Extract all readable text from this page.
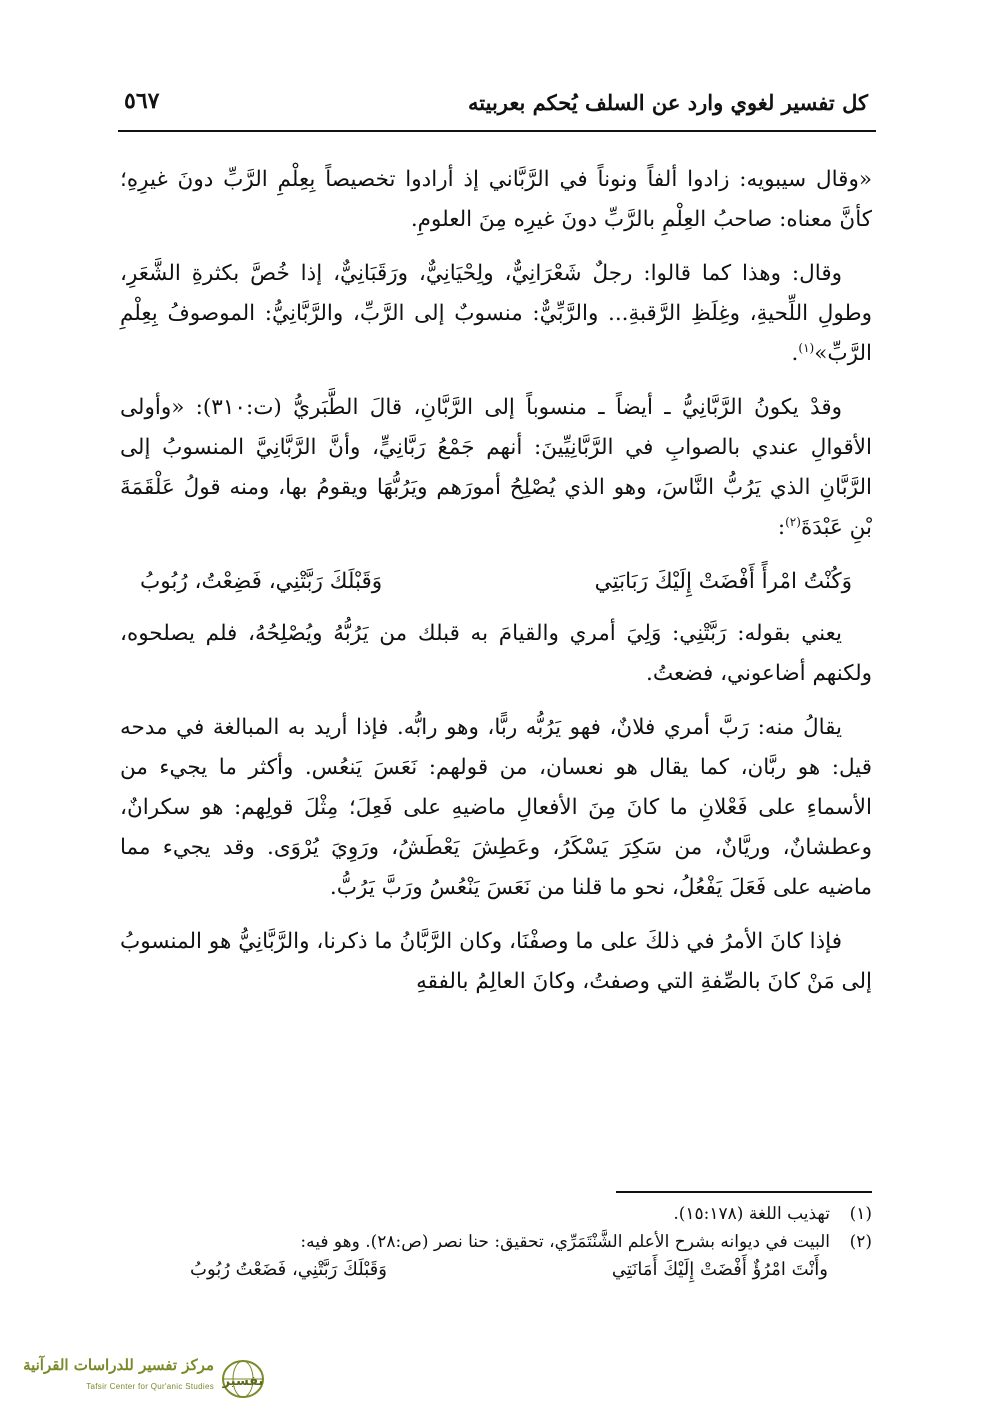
كل تفسير لغوي وارد عن السلف يُحكم بعربيته
٥٦٧

«وقال سيبويه: زادوا ألفاً ونوناً في الرَّبَّاني إذ أرادوا تخصيصاً بِعِلْمِ الرَّبِّ دونَ غيرِهِ؛ كأنَّ معناه: صاحبُ العِلْمِ بالرَّبِّ دونَ غيرِه مِنَ العلومِ.

وقال: وهذا كما قالوا: رجلٌ شَعْرَانِيٌّ، ولِحْيَانِيٌّ، ورَقَبَانِيٌّ، إذا خُصَّ بكثرةِ الشَّعَرِ، وطولِ اللِّحيةِ، وغِلَظِ الرَّقبةِ... والرَّبِّيٌّ: منسوبٌ إلى الرَّبِّ، والرَّبَّانِيُّ: الموصوفُ بِعِلْمِ الرَّبِّ»$^{(١)}$.

وقدْ يكونُ الرَّبَّانِيُّ ـ أيضاً ـ منسوباً إلى الرَّبَّانِ، قالَ الطَّبَريُّ (ت:٣١٠): «وأولى الأقوالِ عندي بالصوابِ في الرَّبَّانِيِّينَ: أنهم جَمْعُ رَبَّانِيٍّ، وأنَّ الرَّبَّانِيَّ المنسوبُ إلى الرَّبَّانِ الذي يَرُبُّ النَّاسَ، وهو الذي يُصْلِحُ أمورَهم ويَرُبُّهَا ويقومُ بها، ومنه قولُ عَلْقَمَةَ بْنِ عَبْدَةَ$^{(٢)}$:

وَكُنْتُ امْرأً أَفْضَتْ إِلَيْكَ رَبَابَتِي
وَقَبْلَكَ رَبَّتْنِي، فَضِعْتُ، رُبُوبُ

يعني بقوله: رَبَّتْنِي: وَلِيَ أمري والقيامَ به قبلك من يَرُبُّهُ ويُصْلِحُهُ، فلم يصلحوه، ولكنهم أضاعوني، فضعتُ.

يقالُ منه: رَبَّ أمري فلانٌ، فهو يَرُبُّه ربًّا، وهو رابُّه. فإذا أريد به المبالغة في مدحه قيل: هو ربَّان، كما يقال هو نعسان، من قولهم: نَعَسَ يَنعُس. وأكثر ما يجيء من الأسماءِ على فَعْلانِ ما كانَ مِنَ الأفعالِ ماضيهِ على فَعِلَ؛ مِثْلَ قولِهم: هو سكرانٌ، وعطشانٌ، وريَّانٌ، من سَكِرَ يَسْكَرُ، وعَطِشَ يَعْطَشُ، ورَوِيَ يُرْوَى. وقد يجيء مما ماضيه على فَعَلَ يَفْعُلُ، نحو ما قلنا من نَعَسَ يَنْعُسُ ورَبَّ يَرُبُّ.

فإذا كانَ الأمرُ في ذلكَ على ما وصفْنَا، وكان الرَّبَّانُ ما ذكرنا، والرَّبَّانِيُّ هو المنسوبُ إلى مَنْ كانَ بالصِّفةِ التي وصفتُ، وكانَ العالِمُ بالفقهِ

(١)
تهذيب اللغة (١٥:١٧٨).
(٢)
البيت في ديوانه بشرح الأعلم الشَّنْتَمَرِّي، تحقيق: حنا نصر (ص:٢٨). وهو فيه:
وأَنْتَ امْرُؤٌ أَفْضَتْ إِلَيْكَ أَمَانَتِي
وَقَبْلَكَ رَبَّتْنِي، فَضَعْتُ رُبُوبُ
تفسير
مركز تفسير للدراسات القرآنية
Tafsir Center for Qur'anic Studies
